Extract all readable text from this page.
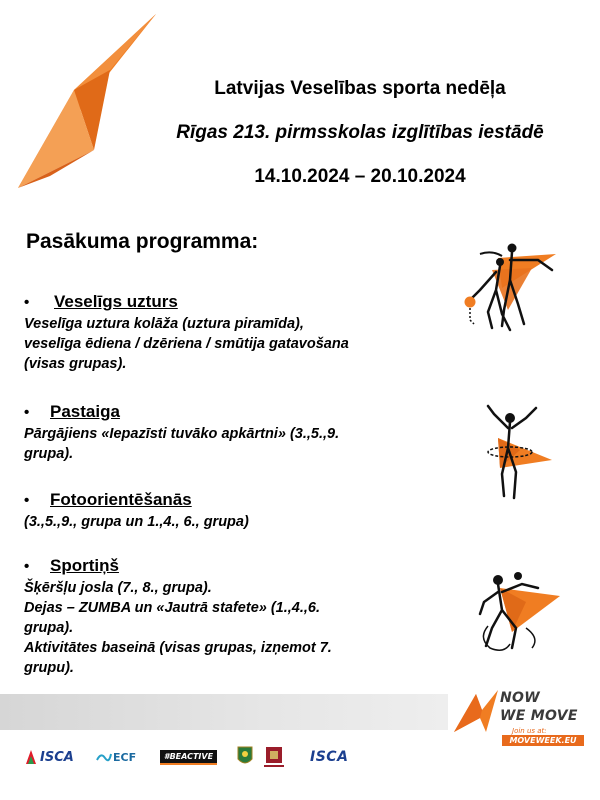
Latvijas Veselības sporta nedēļa
Rīgas 213. pirmsskolas izglītības iestādē
14.10.2024 – 20.10.2024
Pasākuma programma:
•	Veselīgs uzturs
Veselīga uztura kolāža (uztura piramīda),
veselīga ēdiena / dzēriena / smūtija gatavošana
(visas grupas).
•	Pastaiga
Pārgājiens «Iepazīsti tuvāko apkārtni» (3.,5.,9.
grupa).
•	Fotoorientēšanās
(3.,5.,9., grupa un 1.,4., 6., grupa)
•	Sportiņš
Šķēršļu josla (7., 8., grupa).
Dejas – ZUMBA un «Jautrā stafete» (1.,4.,6.
grupa).
Aktivitātes baseinā (visas grupas, izņemot 7.
grupu).
NOW
WE MOVE
Join us at:
MOVEWEEK.EU
ISCA	ECF	#BEACTIVE	ISCA
